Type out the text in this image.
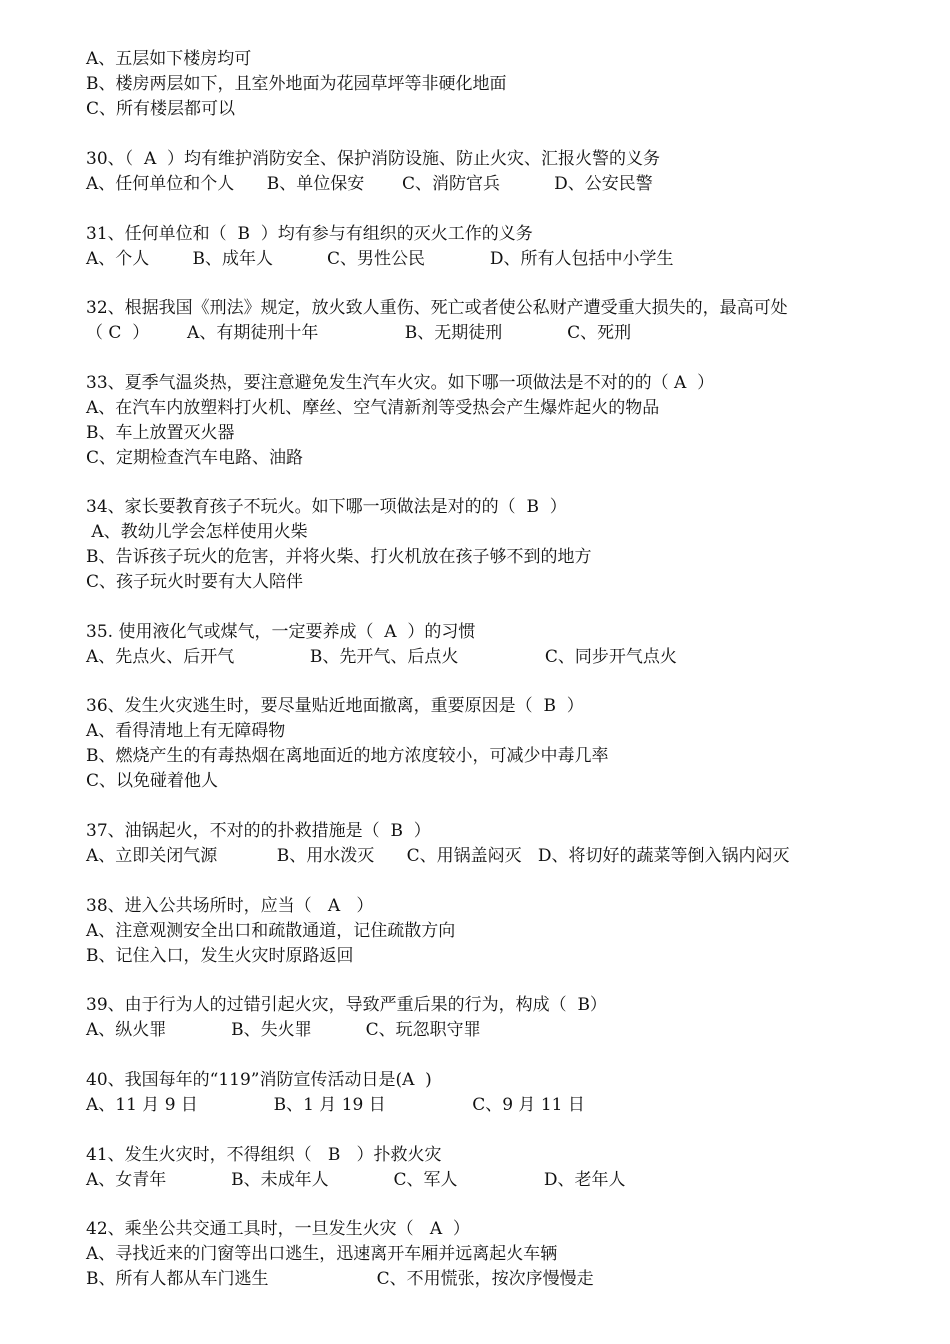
A、五层如下楼房均可
B、楼房两层如下，且室外地面为花园草坪等非硬化地面
C、所有楼层都可以
30、（  A  ）均有维护消防安全、保护消防设施、防止火灾、汇报火警的义务
A、任何单位和个人      B、单位保安       C、消防官兵          D、公安民警
31、任何单位和（  B  ）均有参与有组织的灭火工作的义务
A、个人        B、成年人          C、男性公民            D、所有人包括中小学生
32、根据我国《刑法》规定，放火致人重伤、死亡或者使公私财产遭受重大损失的，最高可处
（ C  ）       A、有期徒刑十年                B、无期徒刑            C、死刑
33、夏季气温炎热，要注意避免发生汽车火灾。如下哪一项做法是不对的的（ A  ）
A、在汽车内放塑料打火机、摩丝、空气清新剂等受热会产生爆炸起火的物品
B、车上放置灭火器
C、定期检查汽车电路、油路
34、家长要教育孩子不玩火。如下哪一项做法是对的的（  B  ）
A、教幼儿学会怎样使用火柴
B、告诉孩子玩火的危害，并将火柴、打火机放在孩子够不到的地方
C、孩子玩火时要有大人陪伴
35. 使用液化气或煤气，一定要养成（  A  ）的习惯
A、先点火、后开气              B、先开气、后点火                C、同步开气点火
36、发生火灾逃生时，要尽量贴近地面撤离，重要原因是（  B  ）
A、看得清地上有无障碍物
B、燃烧产生的有毒热烟在离地面近的地方浓度较小，可减少中毒几率
C、以免碰着他人
37、油锅起火，不对的的扑救措施是（  B  ）
A、立即关闭气源           B、用水泼灭      C、用锅盖闷灭   D、将切好的蔬菜等倒入锅内闷灭
38、进入公共场所时，应当（   A   ）
A、注意观测安全出口和疏散通道，记住疏散方向
B、记住入口，发生火灾时原路返回
39、由于行为人的过错引起火灾，导致严重后果的行为，构成（  B）
A、纵火罪            B、失火罪          C、玩忽职守罪
40、我国每年的“119”消防宣传活动日是(A  )
A、11 月 9 日              B、1 月 19 日                C、9 月 11 日
41、发生火灾时，不得组织（   B   ）扑救火灾
A、女青年            B、未成年人            C、军人                D、老年人
42、乘坐公共交通工具时，一旦发生火灾（   A  ）
A、寻找近来的门窗等出口逃生，迅速离开车厢并远离起火车辆
B、所有人都从车门逃生                    C、不用慌张，按次序慢慢走
